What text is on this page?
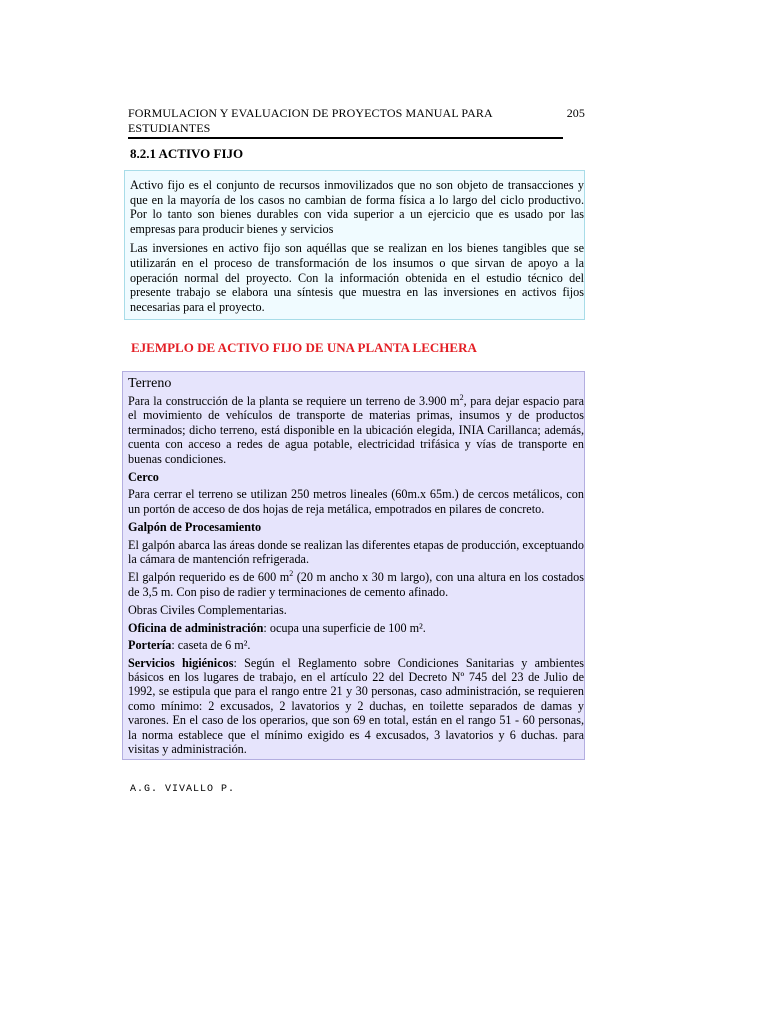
FORMULACION Y EVALUACION DE PROYECTOS MANUAL PARA ESTUDIANTES
205
8.2.1 ACTIVO FIJO

Activo fijo es el conjunto de recursos inmovilizados que no son objeto de transacciones y que en la mayoría de los casos no cambian de forma física a lo largo del ciclo productivo. Por lo tanto son bienes durables con vida superior a un ejercicio que es usado por las empresas para producir bienes y servicios

Las inversiones en activo fijo son aquéllas que se realizan en los bienes tangibles que se utilizarán en el proceso de transformación de los insumos o que sirvan de apoyo a la operación normal del proyecto. Con la información obtenida en el estudio técnico del presente trabajo se elabora una síntesis que muestra en las inversiones en activos fijos necesarias para el proyecto.

EJEMPLO DE ACTIVO FIJO DE UNA PLANTA LECHERA

Terreno

Para la construcción de la planta se requiere un terreno de 3.900 $m^2$, para dejar espacio para el movimiento de vehículos de transporte de materias primas, insumos y de productos terminados; dicho terreno, está disponible en la ubicación elegida, INIA Carillanca; además, cuenta con acceso a redes de agua potable, electricidad trifásica y vías de transporte en buenas condiciones.

Cerco

Para cerrar el terreno se utilizan 250 metros lineales (60m.x 65m.) de cercos metálicos, con un portón de acceso de dos hojas de reja metálica, empotrados en pilares de concreto.

Galpón de Procesamiento

El galpón abarca las áreas donde se realizan las diferentes etapas de producción, exceptuando la cámara de mantención refrigerada.

El galpón requerido es de 600 $m^2$ (20 m ancho x 30 m largo), con una altura en los costados de 3,5 m. Con piso de radier y terminaciones de cemento afinado.

Obras Civiles Complementarias.

Oficina de administración: ocupa una superficie de 100 m².

Portería: caseta de 6 m².

Servicios higiénicos: Según el Reglamento sobre Condiciones Sanitarias y ambientes básicos en los lugares de trabajo, en el artículo 22 del Decreto Nº 745 del 23 de Julio de 1992, se estipula que para el rango entre 21 y 30 personas, caso administración, se requieren como mínimo: 2 excusados, 2 lavatorios y 2 duchas, en toilette separados de damas y varones. En el caso de los operarios, que son 69 en total, están en el rango 51 - 60 personas, la norma establece que el mínimo exigido es 4 excusados, 3 lavatorios y 6 duchas. para visitas y administración.

A.G. VIVALLO P.
